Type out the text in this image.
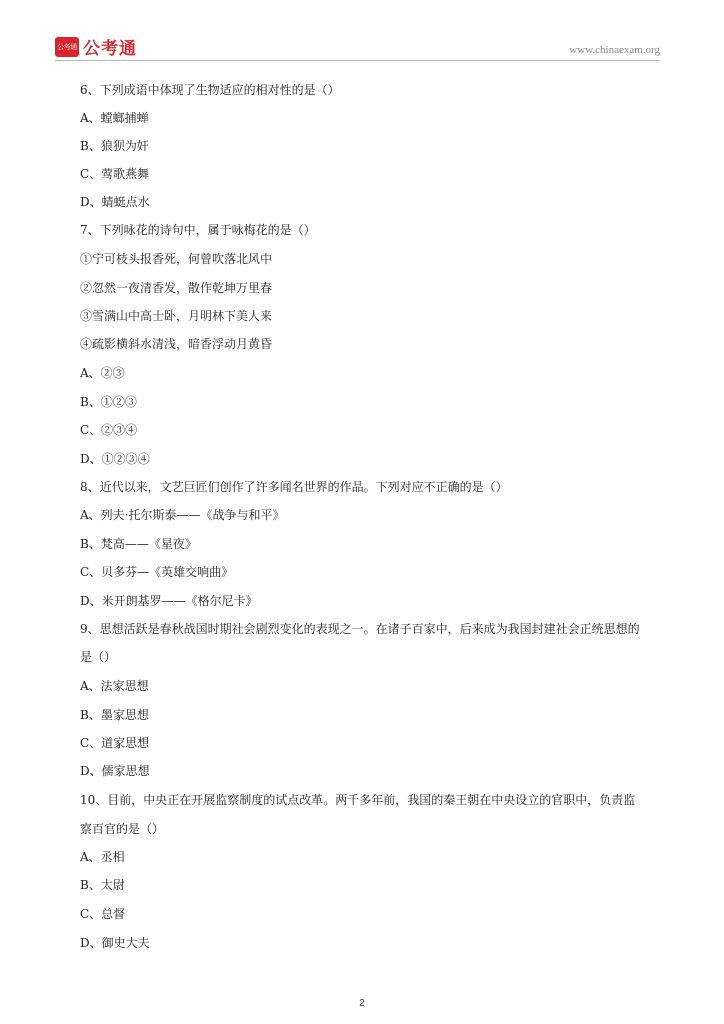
公考通 公考通	www.chinaexam.org
6、下列成语中体现了生物适应的相对性的是（）
A、螳螂捕蝉
B、狼狈为奸
C、莺歌燕舞
D、蜻蜓点水
7、下列咏花的诗句中，属于咏梅花的是（）
①宁可枝头报香死，何曾吹落北风中
②忽然一夜清香发，散作乾坤万里春
③雪满山中高士卧，月明林下美人来
④疏影横斜水清浅，暗香浮动月黄昏
A、②③
B、①②③
C、②③④
D、①②③④
8、近代以来，文艺巨匠们创作了许多闻名世界的作品。下列对应不正确的是（）
A、列夫·托尔斯泰——《战争与和平》
B、梵高——《星夜》
C、贝多芬—《英雄交响曲》
D、米开朗基罗——《格尔尼卡》
9、思想活跃是春秋战国时期社会剧烈变化的表现之一。在诸子百家中，后来成为我国封建社会正统思想的
是（）
A、法家思想
B、墨家思想
C、道家思想
D、儒家思想
10、目前，中央正在开展监察制度的试点改革。两千多年前，我国的秦王朝在中央设立的官职中，负责监
察百官的是（）
A、丞相
B、太尉
C、总督
D、御史大夫
2
